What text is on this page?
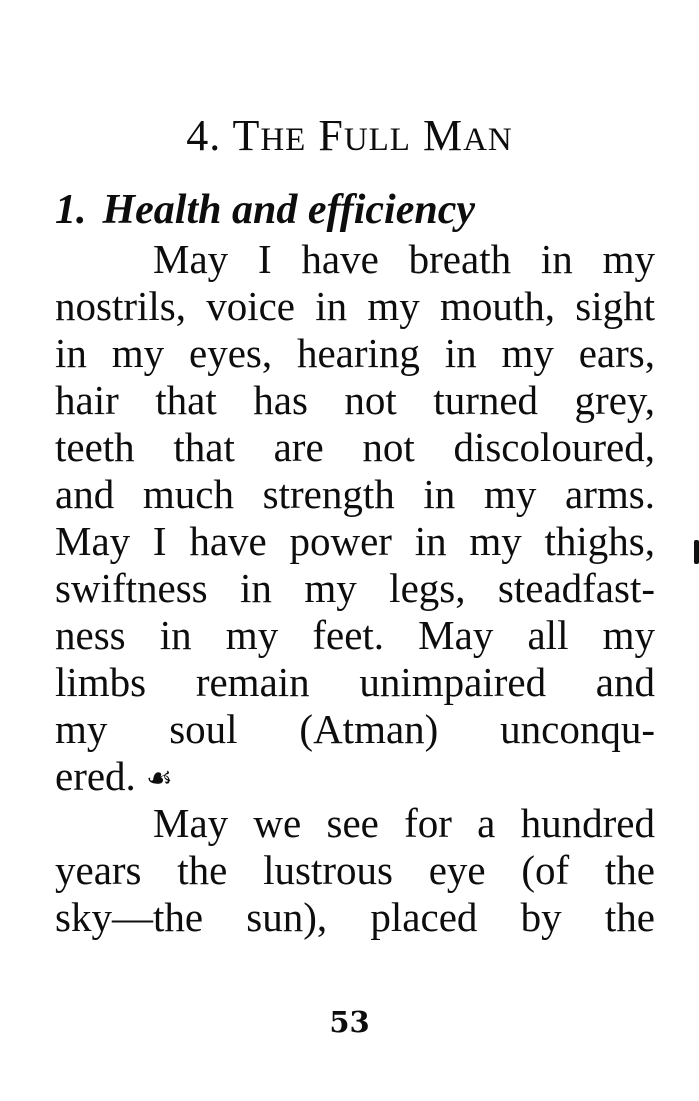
4. THE FULL MAN
1. Health and efficiency
May I have breath in my
nostrils, voice in my mouth, sight
in my eyes, hearing in my ears,
hair that has not turned grey,
teeth that are not discoloured,
and much strength in my arms.
May I have power in my thighs,
swiftness in my legs, steadfast-
ness in my feet. May all my
limbs remain unimpaired and
my soul (Atman) unconqu-
ered. ☙
May we see for a hundred
years the lustrous eye (of the
sky—the sun), placed by the
53
